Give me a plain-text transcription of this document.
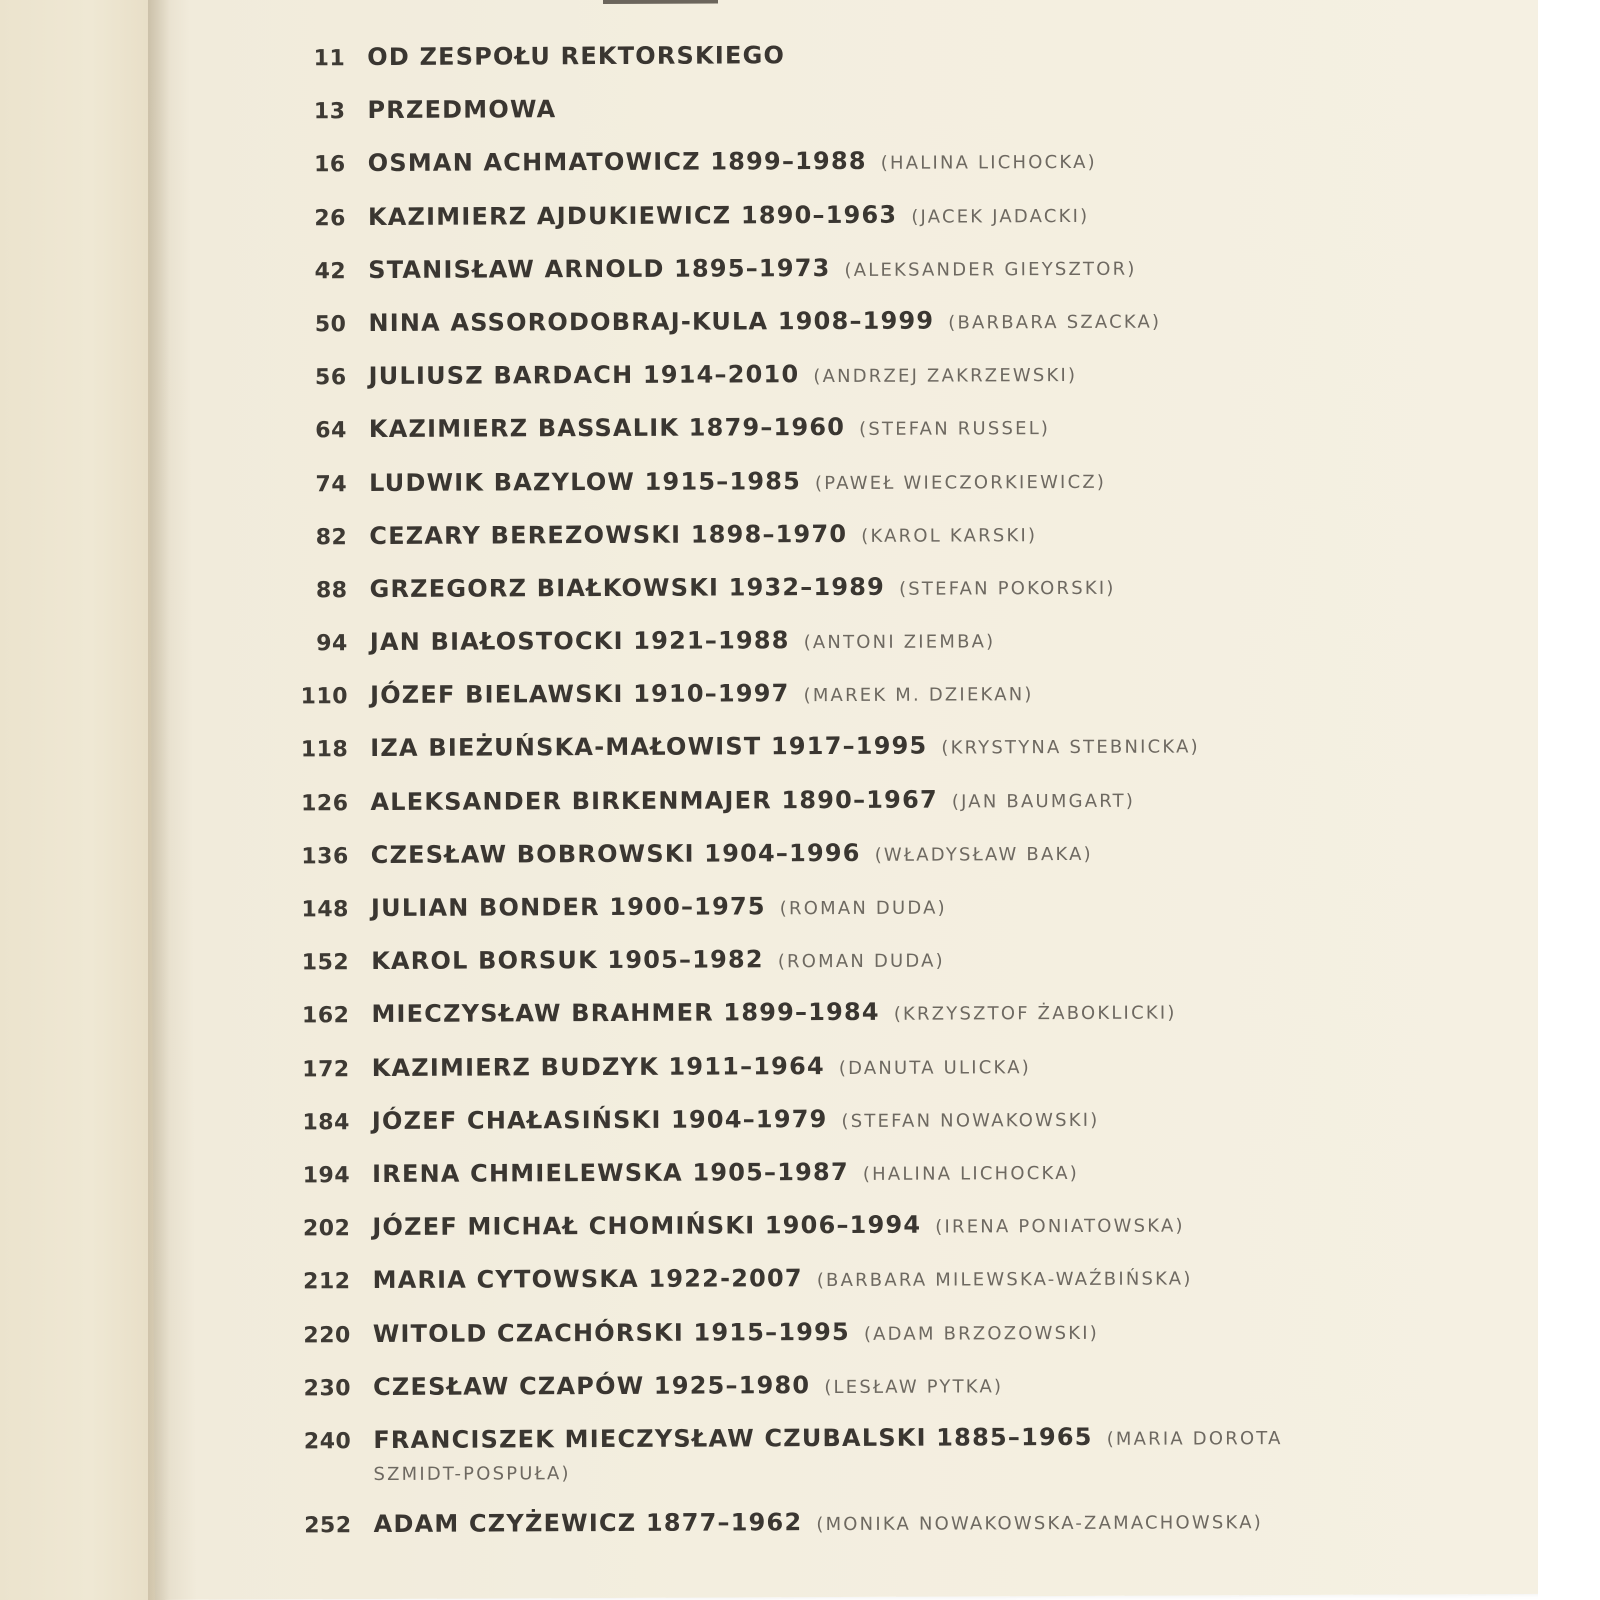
11 OD ZESPOŁU REKTORSKIEGO
13 PRZEDMOWA
16 OSMAN ACHMATOWICZ 1899–1988 (HALINA LICHOCKA)
26 KAZIMIERZ AJDUKIEWICZ 1890–1963 (JACEK JADACKI)
42 STANISŁAW ARNOLD 1895–1973 (ALEKSANDER GIEYSZTOR)
50 NINA ASSORODOBRAJ-KULA 1908–1999 (BARBARA SZACKA)
56 JULIUSZ BARDACH 1914–2010 (ANDRZEJ ZAKRZEWSKI)
64 KAZIMIERZ BASSALIK 1879–1960 (STEFAN RUSSEL)
74 LUDWIK BAZYLOW 1915–1985 (PAWEŁ WIECZORKIEWICZ)
82 CEZARY BEREZOWSKI 1898–1970 (KAROL KARSKI)
88 GRZEGORZ BIAŁKOWSKI 1932–1989 (STEFAN POKORSKI)
94 JAN BIAŁOSTOCKI 1921–1988 (ANTONI ZIEMBA)
110 JÓZEF BIELAWSKI 1910–1997 (MAREK M. DZIEKAN)
118 IZA BIEŻUŃSKA-MAŁOWIST 1917–1995 (KRYSTYNA STEBNICKA)
126 ALEKSANDER BIRKENMAJER 1890–1967 (JAN BAUMGART)
136 CZESŁAW BOBROWSKI 1904–1996 (WŁADYSŁAW BAKA)
148 JULIAN BONDER 1900–1975 (ROMAN DUDA)
152 KAROL BORSUK 1905–1982 (ROMAN DUDA)
162 MIECZYSŁAW BRAHMER 1899–1984 (KRZYSZTOF ŻABOKLICKI)
172 KAZIMIERZ BUDZYK 1911–1964 (DANUTA ULICKA)
184 JÓZEF CHAŁASIŃSKI 1904–1979 (STEFAN NOWAKOWSKI)
194 IRENA CHMIELEWSKA 1905–1987 (HALINA LICHOCKA)
202 JÓZEF MICHAŁ CHOMIŃSKI 1906–1994 (IRENA PONIATOWSKA)
212 MARIA CYTOWSKA 1922-2007 (BARBARA MILEWSKA-WAŹBIŃSKA)
220 WITOLD CZACHÓRSKI 1915–1995 (ADAM BRZOZOWSKI)
230 CZESŁAW CZAPÓW 1925–1980 (LESŁAW PYTKA)
240 FRANCISZEK MIECZYSŁAW CZUBALSKI 1885–1965 (MARIA DOROTA SZMIDT-POSPUŁA)
252 ADAM CZYŻEWICZ 1877–1962 (MONIKA NOWAKOWSKA-ZAMACHOWSKA)
